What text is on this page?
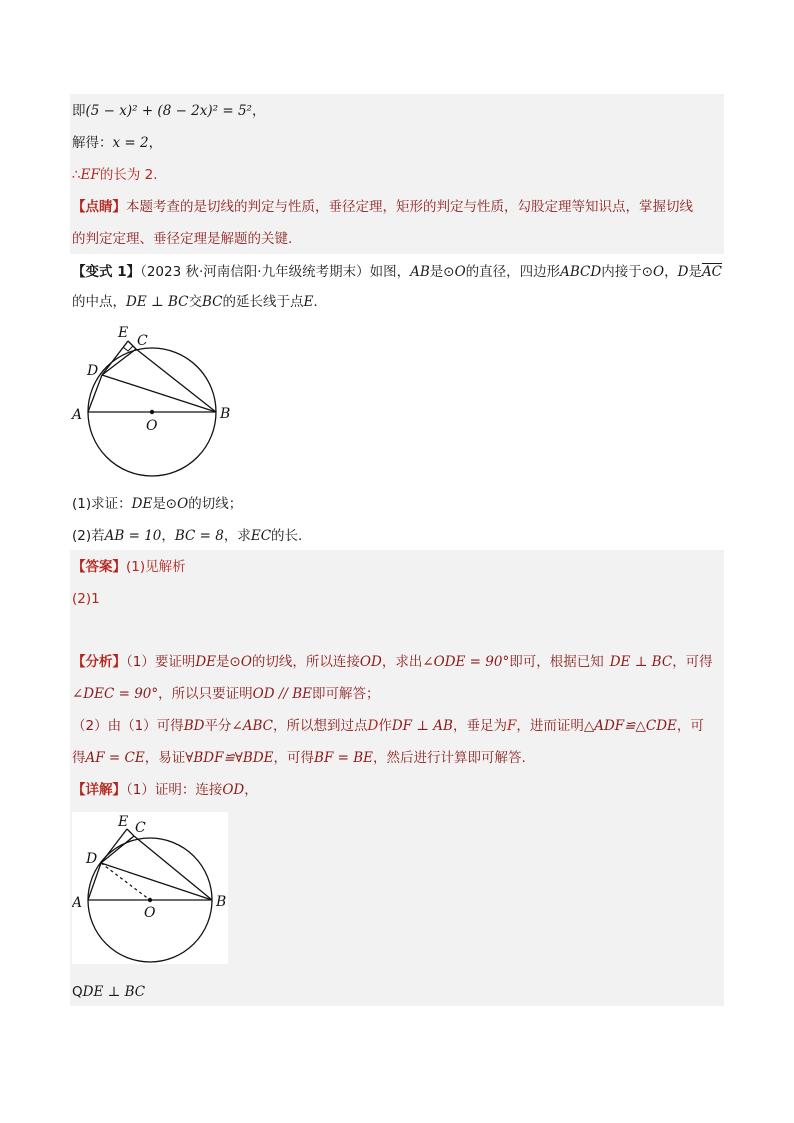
即(5 − x)² + (8 − 2x)² = 5²，
解得：x = 2，
∴EF的长为 2.
【点睛】本题考查的是切线的判定与性质，垂径定理，矩形的判定与性质，勾股定理等知识点，掌握切线
的判定定理、垂径定理是解题的关键.
【变式 1】（2023 秋·河南信阳·九年级统考期末）如图，AB是⊙O的直径，四边形ABCD内接于⊙O，D是$\overline{AC}$
的中点，DE ⊥ BC交BC的延长线于点E.
E C
D
A	B
O
(1)求证：DE是⊙O的切线；
(2)若AB = 10，BC = 8，求EC的长.
【答案】(1)见解析
(2)1
【分析】（1）要证明DE是⊙O的切线，所以连接OD，求出∠ODE = 90°即可，根据已知 DE ⊥ BC，可得
∠DEC = 90°，所以只要证明OD // BE即可解答；
（2）由（1）可得BD平分∠ABC，所以想到过点D作DF ⊥ AB，垂足为F，进而证明△ADF≌△CDE，可
得AF = CE，易证∀BDF≌∀BDE，可得BF = BE，然后进行计算即可解答.
【详解】（1）证明：连接OD，
E C
D
A	B
O
QDE ⊥ BC
